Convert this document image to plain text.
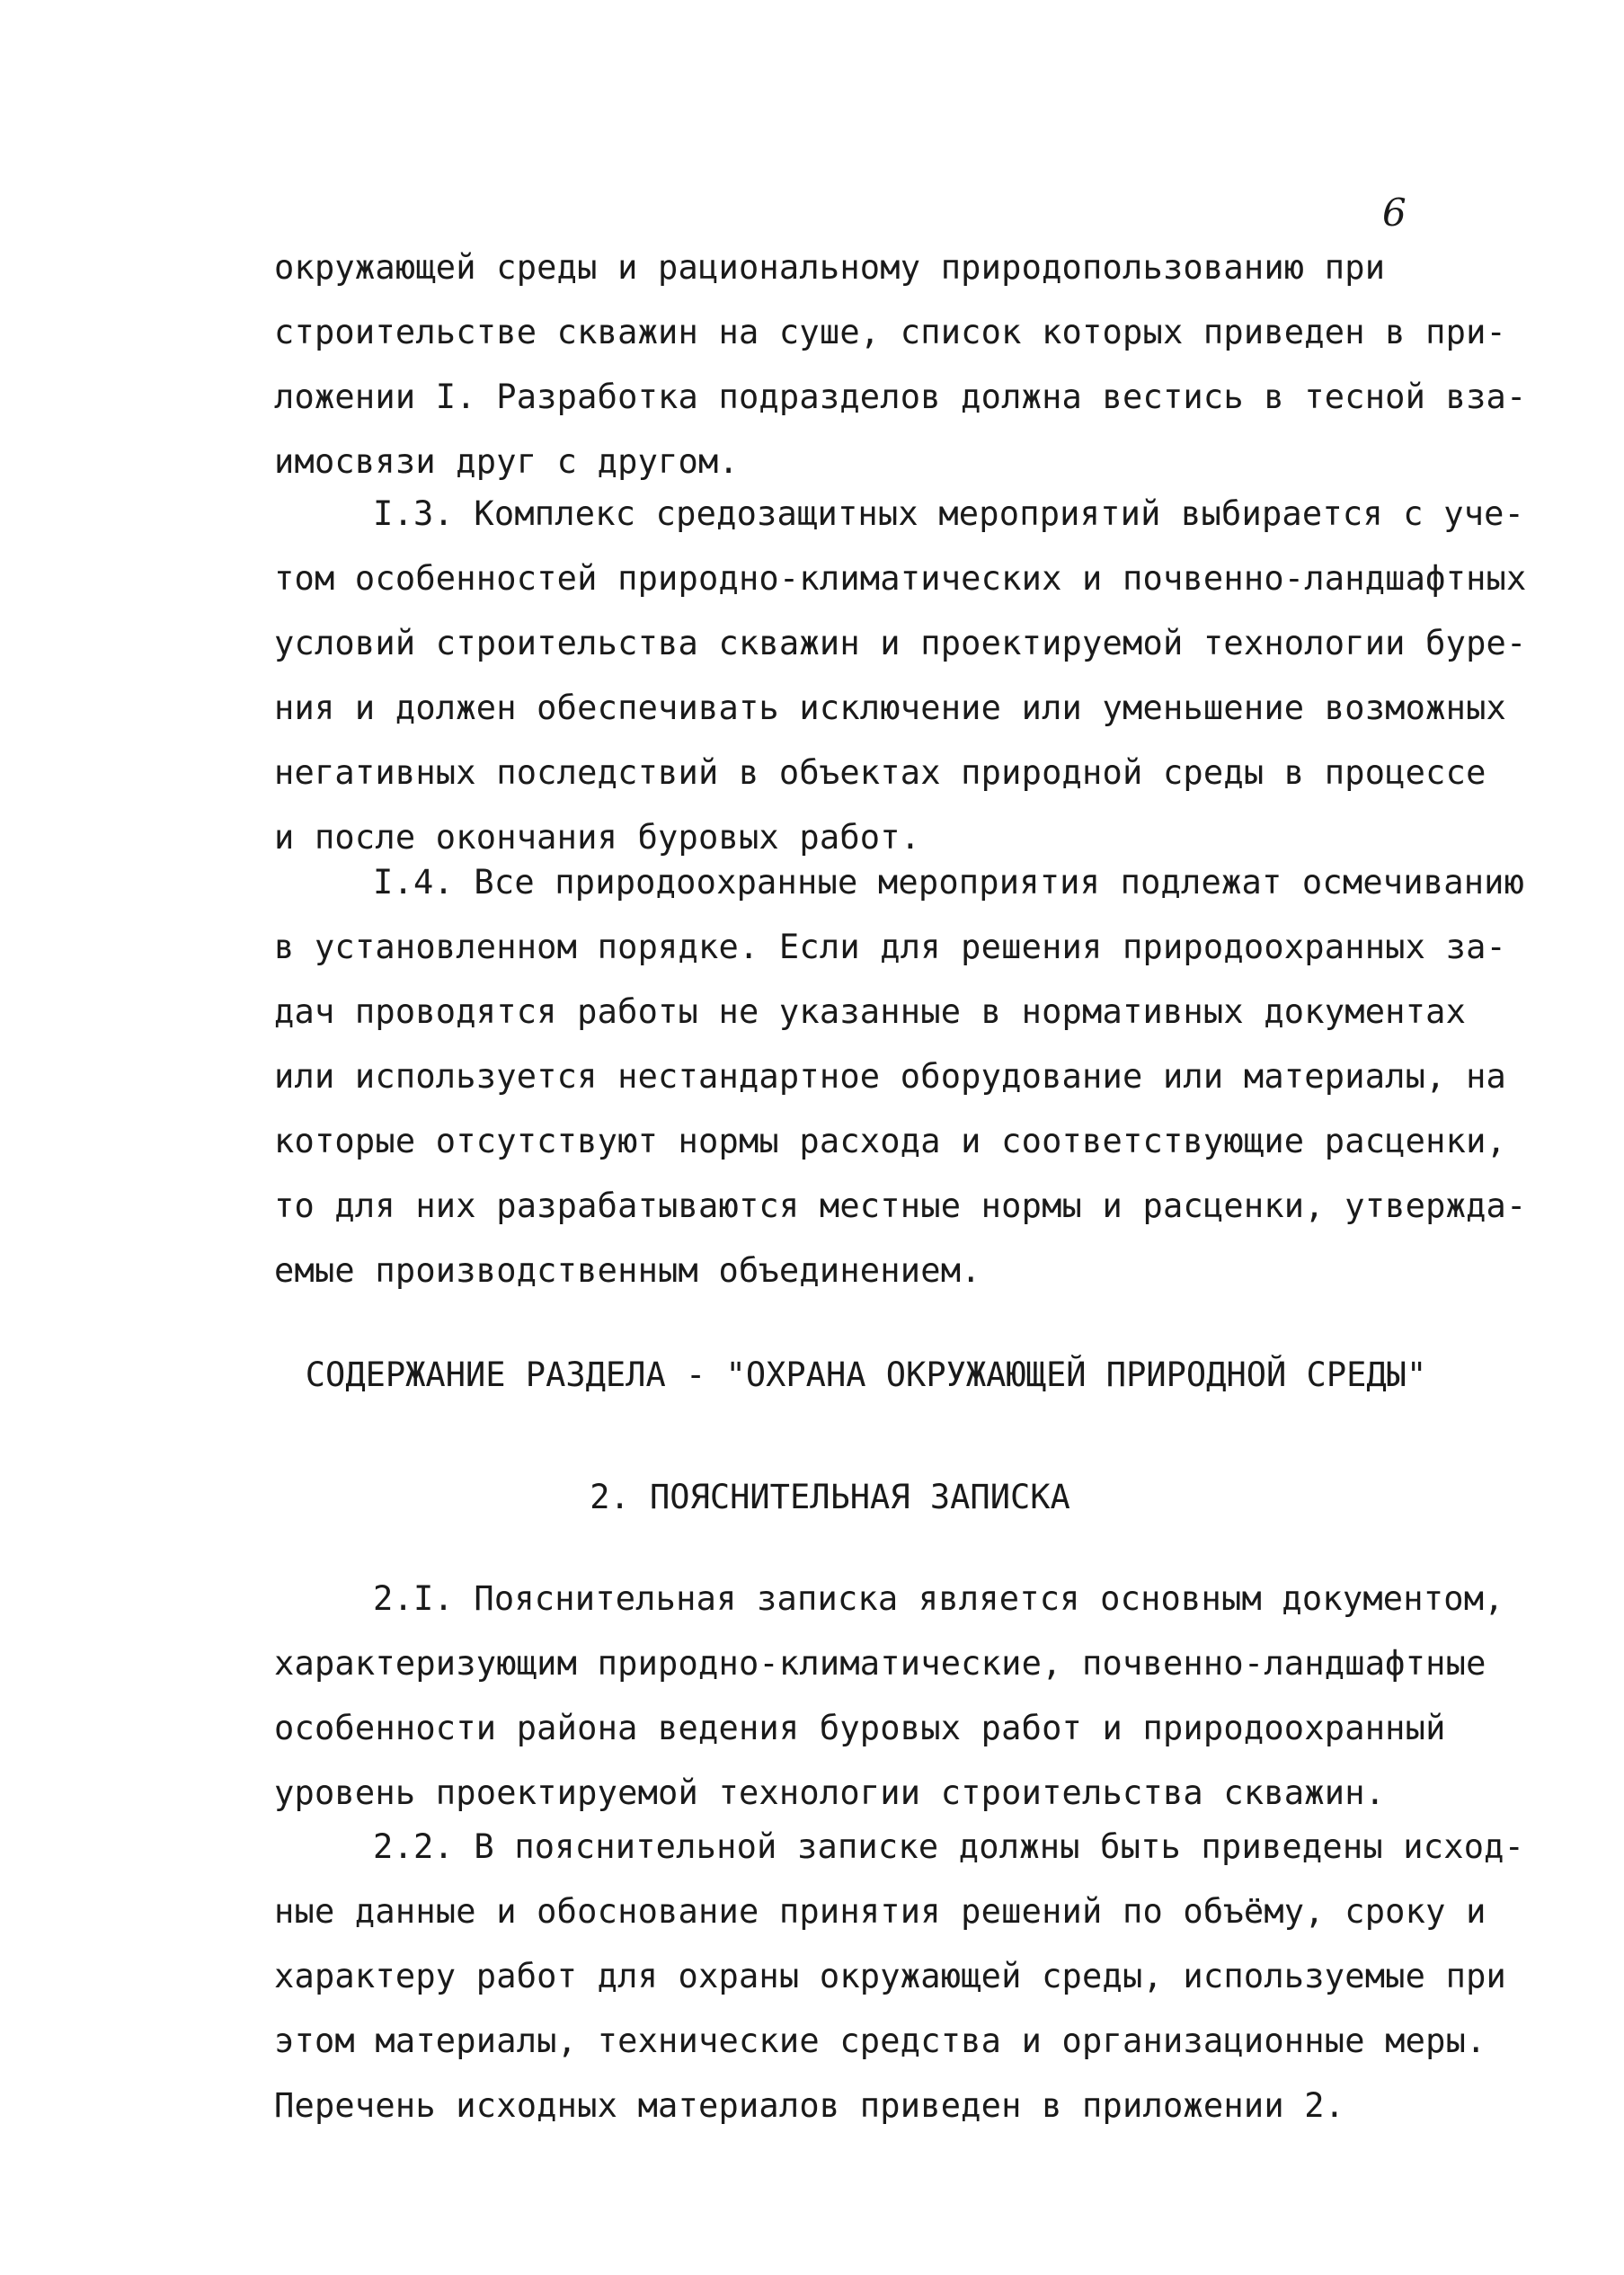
6
окружающей среды и рациональному природопользованию при
строительстве скважин на суше, список которых приведен в при-
ложении I. Разработка подразделов должна вестись в тесной вза-
имосвязи друг с другом.
I.3. Комплекс средозащитных мероприятий выбирается с уче-
том особенностей природно-климатических и почвенно-ландшафтных
условий строительства скважин и проектируемой технологии буре-
ния и должен обеспечивать исключение или уменьшение возможных
негативных последствий в объектах природной среды в процессе
и после окончания буровых работ.
I.4. Все природоохранные мероприятия подлежат осмечиванию
в установленном порядке. Если для решения природоохранных за-
дач проводятся работы не указанные в нормативных документах
или используется нестандартное оборудование или материалы, на
которые отсутствуют нормы расхода и соответствующие расценки,
то для них разрабатываются местные нормы и расценки, утвержда-
емые производственным объединением.
СОДЕРЖАНИЕ РАЗДЕЛА - "ОХРАНА ОКРУЖАЮЩЕЙ ПРИРОДНОЙ СРЕДЫ"
2. ПОЯСНИТЕЛЬНАЯ ЗАПИСКА
2.I. Пояснительная записка является основным документом,
характеризующим природно-климатические, почвенно-ландшафтные
особенности района ведения буровых работ и природоохранный
уровень проектируемой технологии строительства скважин.
2.2. В пояснительной записке должны быть приведены исход-
ные данные и обоснование принятия решений по объёму, сроку и
характеру работ для охраны окружающей среды, используемые при
этом материалы, технические средства и организационные меры.
Перечень исходных материалов приведен в приложении 2.
